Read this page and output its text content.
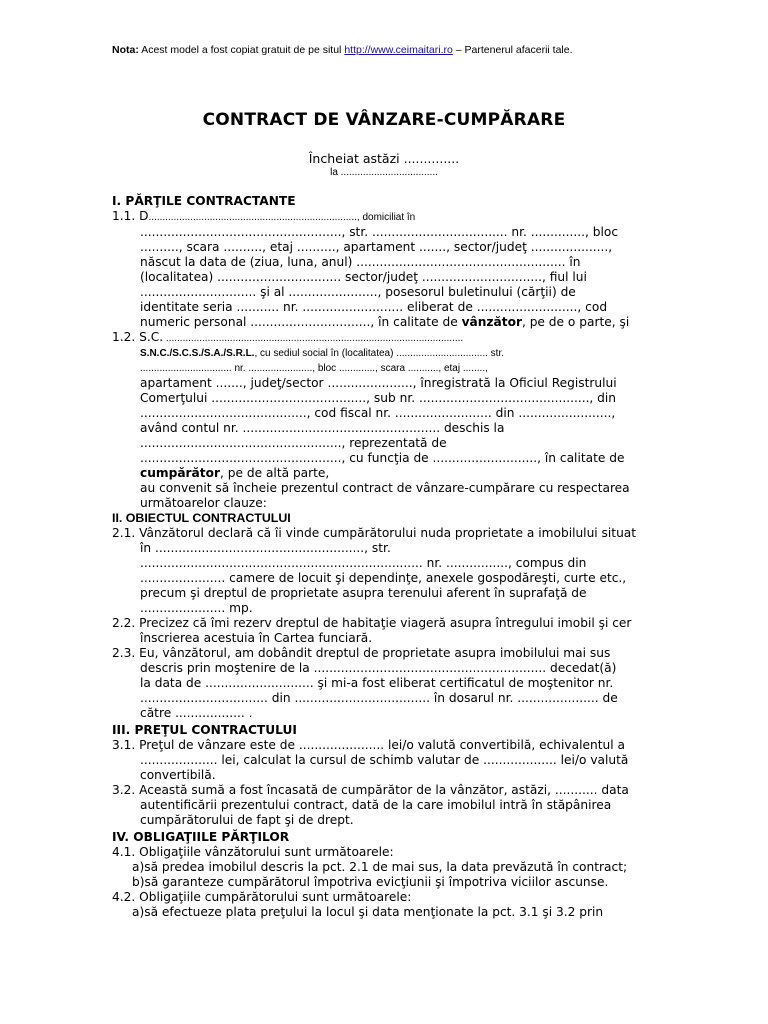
Nota: Acest model a fost copiat gratuit de pe situl http://www.ceimaitari.ro – Partenerul afacerii tale.
CONTRACT DE VÂNZARE-CUMPĂRARE
Încheiat astăzi ..............
la ...................................
I. PĂRŢILE CONTRACTANTE
1.1. D..........................................................................., domiciliat în
...................................................., str. ................................... nr. .............., bloc
.........., scara .........., etaj .........., apartament ......., sector/judeţ ....................,
născut la data de (ziua, luna, anul) ...................................................... în
(localitatea) ................................ sector/judeţ ..............................., fiul lui
.............................. şi al ......................., posesorul buletinului (cărţii) de
identitate seria ........... nr. .......................... eliberat de .........................., cod
numeric personal ..............................., în calitate de vânzător, pe de o parte, şi
1.2. S.C. ...........................................................................................................
S.N.C./S.C.S./S.A./S.R.L., cu sediul social în (localitatea) ................................. str.
................................. nr. ......................., bloc ............., scara ..........., etaj ........,
apartament ......., judeţ/sector ......................, înregistrată la Oficiul Registrului
Comerţului ........................................, sub nr. ............................................, din
..........................................., cod fiscal nr. ......................... din ........................,
având contul nr. ................................................... deschis la
...................................................., reprezentată de
...................................................., cu funcţia de ..........................., în calitate de
cumpărător, pe de altă parte,
au convenit să încheie prezentul contract de vânzare-cumpărare cu respectarea
următoarelor clauze:
II. OBIECTUL CONTRACTULUI
2.1. Vânzătorul declară că îi vinde cumpărătorului nuda proprietate a imobilului situat
în ......................................................, str.
......................................................................... nr. ................, compus din
...................... camere de locuit şi dependinţe, anexele gospodăreşti, curte etc.,
precum şi dreptul de proprietate asupra terenului aferent în suprafaţă de
...................... mp.
2.2. Precizez că îmi rezerv dreptul de habitaţie viageră asupra întregului imobil şi cer
înscrierea acestuia în Cartea funciară.
2.3. Eu, vânzătorul, am dobândit dreptul de proprietate asupra imobilului mai sus
descris prin moştenire de la ............................................................ decedat(ă)
la data de ............................ şi mi-a fost eliberat certificatul de moştenitor nr.
................................. din ................................... în dosarul nr. ..................... de
către .................. .
III. PREŢUL CONTRACTULUI
3.1. Preţul de vânzare este de ...................... lei/o valută convertibilă, echivalentul a
.................... lei, calculat la cursul de schimb valutar de ................... lei/o valută
convertibilă.
3.2. Această sumă a fost încasată de cumpărător de la vânzător, astăzi, ........... data
autentificării prezentului contract, dată de la care imobilul intră în stăpânirea
cumpărătorului de fapt şi de drept.
IV. OBLIGAŢIILE PĂRŢILOR
4.1. Obligaţiile vânzătorului sunt următoarele:
a)să predea imobilul descris la pct. 2.1 de mai sus, la data prevăzută în contract;
b)să garanteze cumpărătorul împotriva evicţiunii şi împotriva viciilor ascunse.
4.2. Obligaţiile cumpărătorului sunt următoarele:
a)să efectueze plata preţului la locul şi data menţionate la pct. 3.1 şi 3.2 prin
